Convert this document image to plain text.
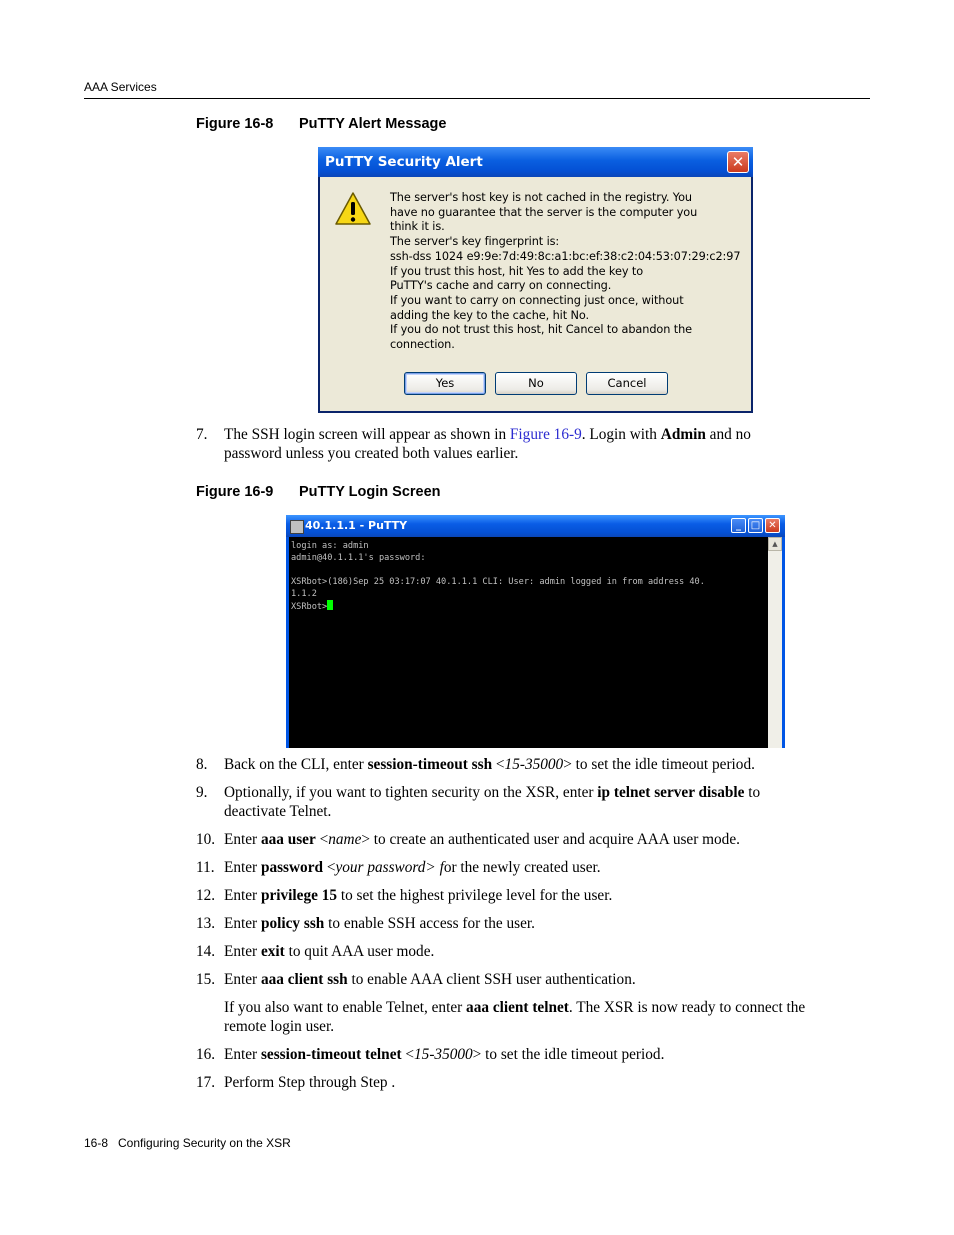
AAA Services
Figure 16-8 PuTTY Alert Message
PuTTY Security Alert	✕
The server's host key is not cached in the registry. You
have no guarantee that the server is the computer you
think it is.
The server's key fingerprint is:
ssh-dss 1024 e9:9e:7d:49:8c:a1:bc:ef:38:c2:04:53:07:29:c2:97
If you trust this host, hit Yes to add the key to
PuTTY's cache and carry on connecting.
If you want to carry on connecting just once, without
adding the key to the cache, hit No.
If you do not trust this host, hit Cancel to abandon the
connection.
Yes	No	Cancel
7. The SSH login screen will appear as shown in Figure 16-9. Login with Admin and no
password unless you created both values earlier.
Figure 16-9 PuTTY Login Screen
40.1.1.1 - PuTTY	_ □ ✕
login as: admin
admin@40.1.1.1's password:

XSRbot>(186)Sep 25 03:17:07 40.1.1.1 CLI: User: admin logged in from address 40.
1.1.2
XSRbot>
▲
8. Back on the CLI, enter session-timeout ssh <15-35000> to set the idle timeout period.
9. Optionally, if you want to tighten security on the XSR, enter ip telnet server disable to
deactivate Telnet.
10. Enter aaa user <name> to create an authenticated user and acquire AAA user mode.
11. Enter password <your password> for the newly created user.
12. Enter privilege 15 to set the highest privilege level for the user.
13. Enter policy ssh to enable SSH access for the user.
14. Enter exit to quit AAA user mode.
15. Enter aaa client ssh to enable AAA client SSH user authentication.
If you also want to enable Telnet, enter aaa client telnet. The XSR is now ready to connect the
remote login user.
16. Enter session-timeout telnet <15-35000> to set the idle timeout period.
17. Perform Step through Step .
16-8   Configuring Security on the XSR
